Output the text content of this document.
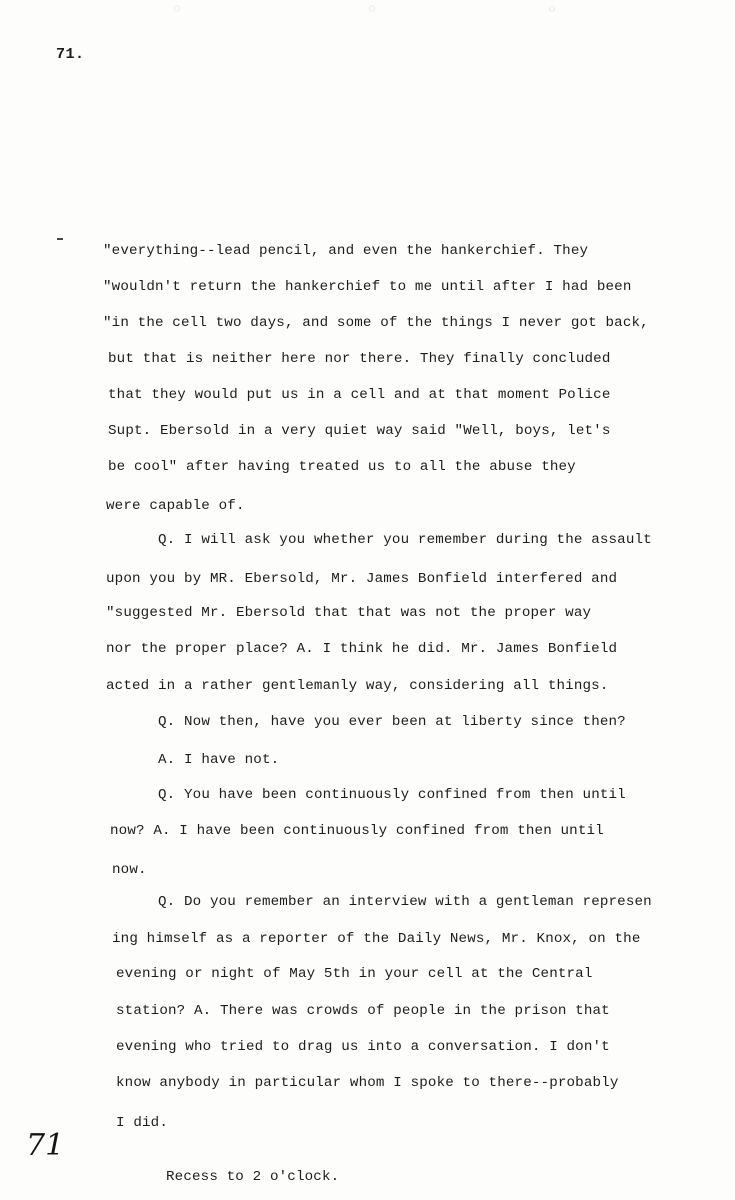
◌	◌	◌
71.
"everything--lead pencil, and even the hankerchief. They
"wouldn't return the hankerchief to me until after I had been
"in the cell two days, and some of the things I never got back,
but that is neither here nor there. They finally concluded
that they would put us in a cell and at that moment Police
Supt. Ebersold in a very quiet way said "Well, boys, let's
be cool" after having treated us to all the abuse they
were capable of.
Q. I will ask you whether you remember during the assault
upon you by MR. Ebersold, Mr. James Bonfield interfered and
"suggested Mr. Ebersold that that was not the proper way
nor the proper place? A. I think he did. Mr. James Bonfield
acted in a rather gentlemanly way, considering all things.
Q. Now then, have you ever been at liberty since then?
A. I have not.
Q. You have been continuously confined from then until
now? A. I have been continuously confined from then until
now.
Q. Do you remember an interview with a gentleman represen
ing himself as a reporter of the Daily News, Mr. Knox, on the
evening or night of May 5th in your cell at the Central
station? A. There was crowds of people in the prison that
evening who tried to drag us into a conversation. I don't
know anybody in particular whom I spoke to there--probably
I did.
71
Recess to 2 o'clock.
